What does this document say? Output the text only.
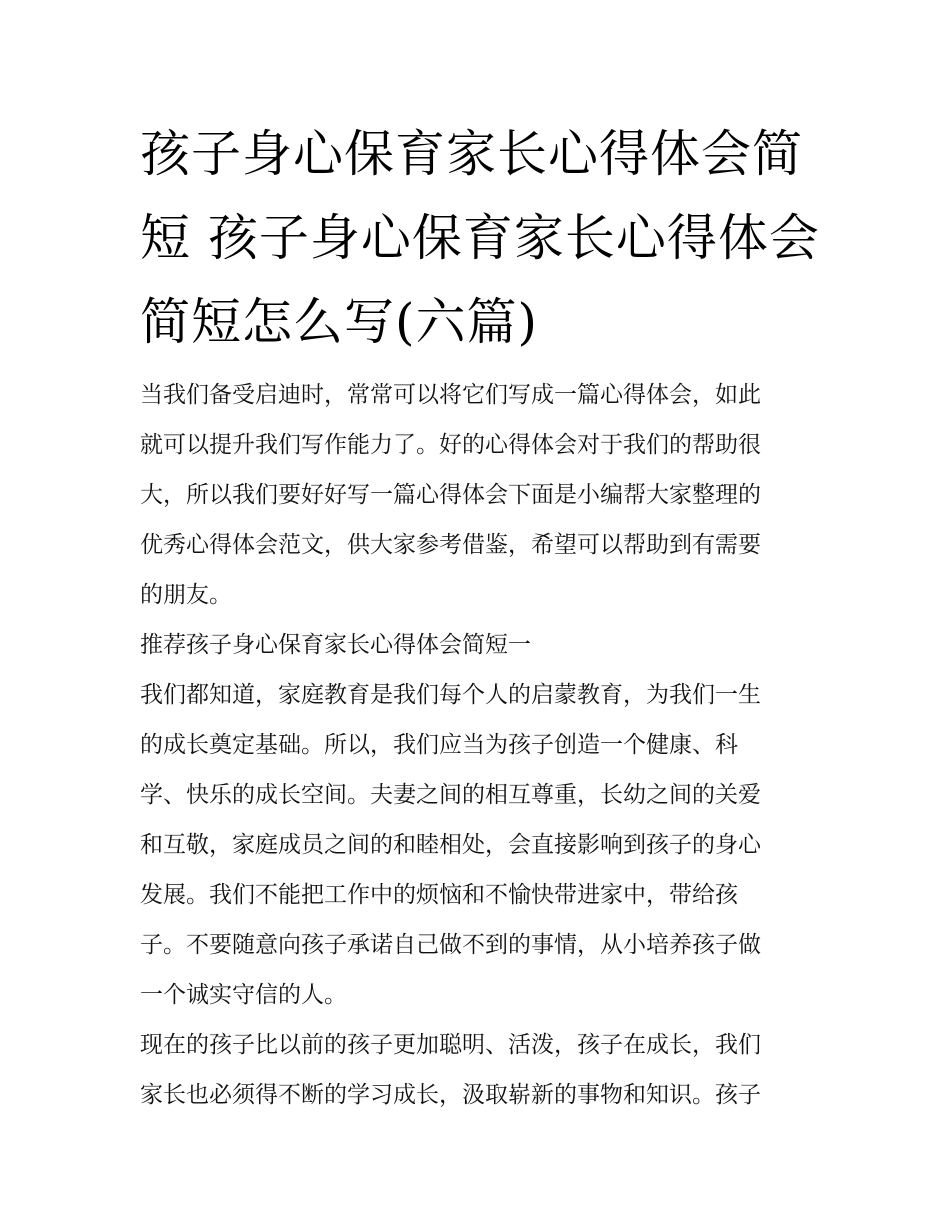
孩子身心保育家长心得体会简
短 孩子身心保育家长心得体会
简短怎么写(六篇)

当我们备受启迪时，常常可以将它们写成一篇心得体会，如此
就可以提升我们写作能力了。好的心得体会对于我们的帮助很
大，所以我们要好好写一篇心得体会下面是小编帮大家整理的
优秀心得体会范文，供大家参考借鉴，希望可以帮助到有需要
的朋友。

推荐孩子身心保育家长心得体会简短一

我们都知道，家庭教育是我们每个人的启蒙教育，为我们一生
的成长奠定基础。所以，我们应当为孩子创造一个健康、科
学、快乐的成长空间。夫妻之间的相互尊重，长幼之间的关爱
和互敬，家庭成员之间的和睦相处，会直接影响到孩子的身心
发展。我们不能把工作中的烦恼和不愉快带进家中，带给孩
子。不要随意向孩子承诺自己做不到的事情，从小培养孩子做
一个诚实守信的人。

现在的孩子比以前的孩子更加聪明、活泼，孩子在成长，我们
家长也必须得不断的学习成长，汲取崭新的事物和知识。孩子
